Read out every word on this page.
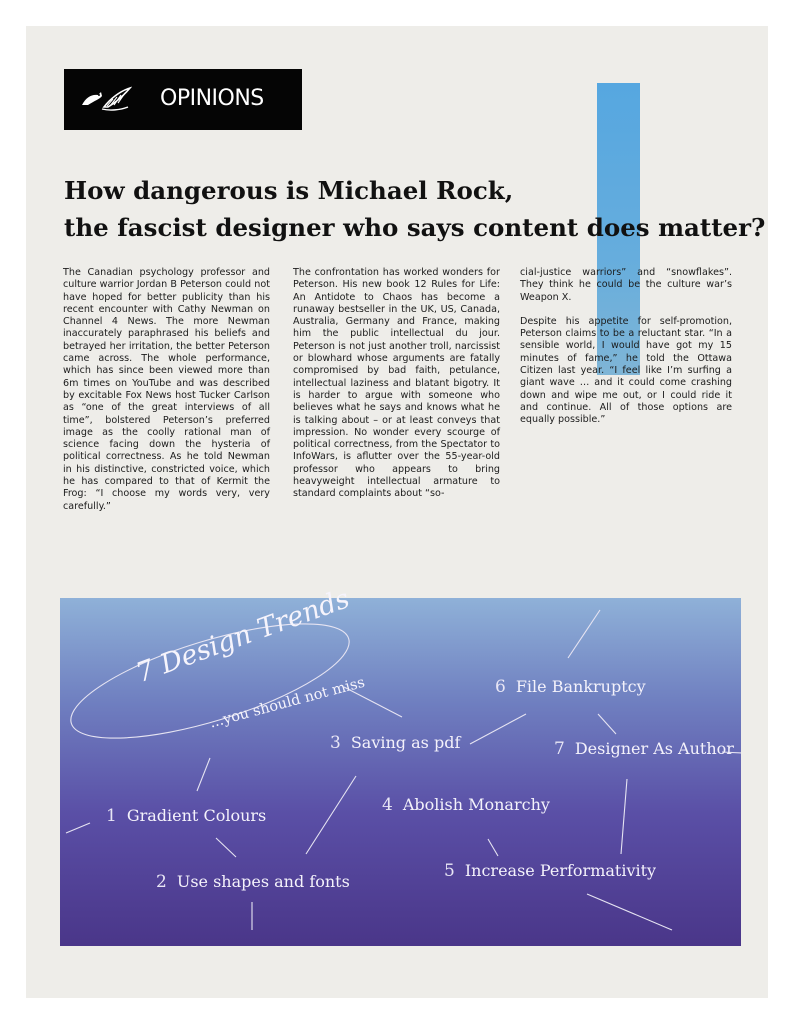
OPINIONS
How dangerous is Michael Rock,
the fascist designer who says content does matter?

The Canadian psychology professor and culture warrior Jordan B Peterson could not have hoped for better publicity than his recent encounter with Cathy Newman on Channel 4 News. The more Newman inaccurately paraphrased his beliefs and betrayed her irritation, the better Peterson came across. The whole performance, which has since been viewed more than 6m times on YouTube and was described by excitable Fox News host Tucker Carlson as “one of the great interviews of all time”, bolstered Peterson’s preferred image as the coolly rational man of science facing down the hysteria of political correctness. As he told Newman in his distinctive, constricted voice, which he has compared to that of Kermit the Frog: “I choose my words very, very carefully.”

The confrontation has worked wonders for Peterson. His new book 12 Rules for Life: An Antidote to Chaos has become a runaway bestseller in the UK, US, Canada, Australia, Germany and France, making him the public intellectual du jour. Peterson is not just another troll, narcissist or blowhard whose arguments are fatally compromised by bad faith, petulance, intellectual laziness and blatant bigotry. It is harder to argue with someone who believes what he says and knows what he is talking about – or at least conveys that impression. No wonder every scourge of political correctness, from the Spectator to InfoWars, is aflutter over the 55-year-old professor who appears to bring heavyweight intellectual armature to standard complaints about “so-

cial-justice warriors” and “snowflakes”. They think he could be the culture war’s Weapon X.

Despite his appetite for self-promotion, Peterson claims to be a reluctant star. “In a sensible world, I would have got my 15 minutes of fame,” he told the Ottawa Citizen last year. “I feel like I’m surfing a giant wave … and it could come crashing down and wipe me out, or I could ride it and continue. All of those options are equally possible.”

7 Design Trends
...you should not miss
1 Gradient Colours
2 Use shapes and fonts
3 Saving as pdf
4 Abolish Monarchy
5 Increase Performativity
6 File Bankruptcy
7 Designer As Author
